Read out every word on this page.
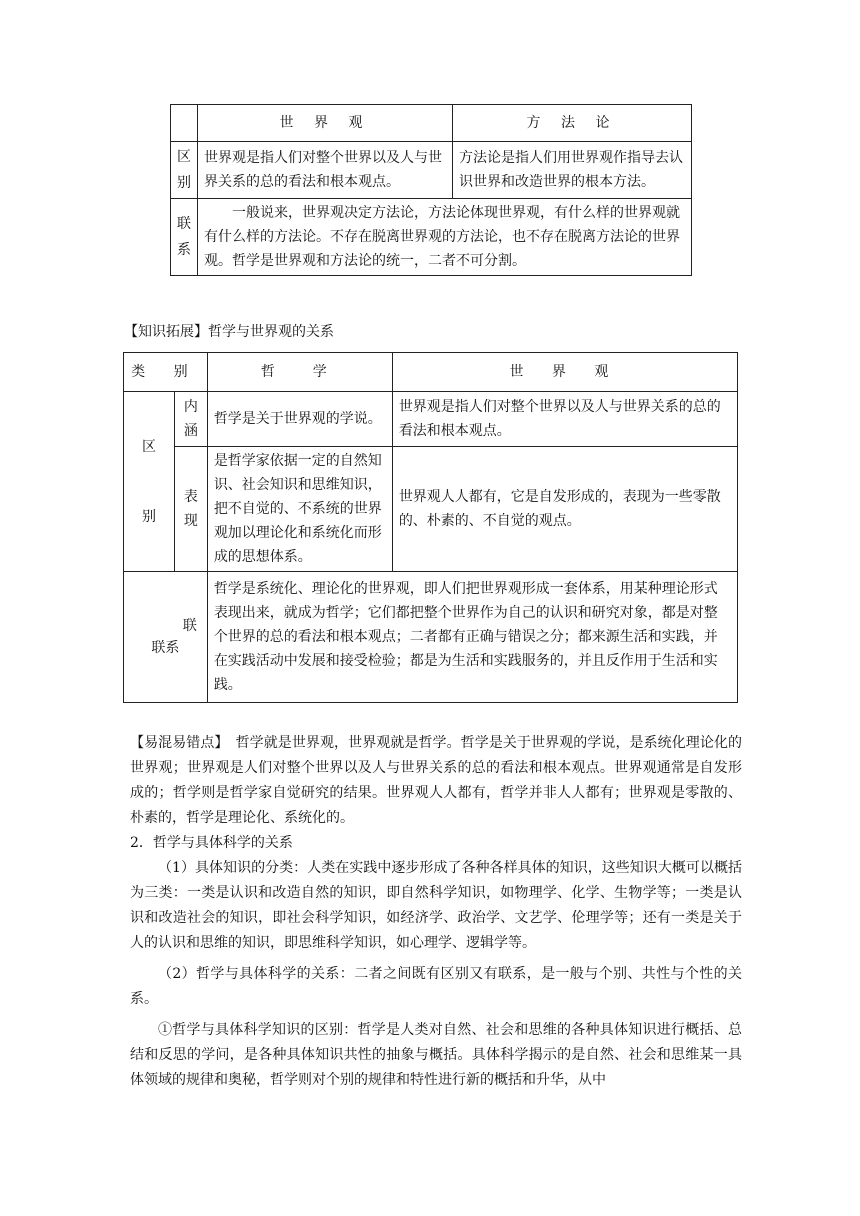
	世 界 观	方 法 论

区
别	世界观是指人们对整个世界以及人与世界关系的总的看法和根本观点。	方法论是指人们用世界观作指导去认识世界和改造世界的根本方法。

联
系	一般说来，世界观决定方法论，方法论体现世界观，有什么样的世界观就有什么样的方法论。不存在脱离世界观的方法论，也不存在脱离方法论的世界观。哲学是世界观和方法论的统一，二者不可分割。	
【知识拓展】哲学与世界观的关系
类 别		哲　学	世 界 观

区
别	内涵	哲学是关于世界观的学说。	世界观是指人们对整个世界以及人与世界关系的总的看法和根本观点。
	表现	是哲学家依据一定的自然知识、社会知识和思维知识，把不自觉的、不系统的世界观加以理论化和系统化而形成的思想体系。	世界观人人都有，它是自发形成的，表现为一些零散的、朴素的、不自觉的观点。

联
联系		哲学是系统化、理论化的世界观，即人们把世界观形成一套体系，用某种理论形式表现出来，就成为哲学；它们都把整个世界作为自己的认识和研究对象，都是对整个世界的总的看法和根本观点；二者都有正确与错误之分；都来源生活和实践，并在实践活动中发展和接受检验；都是为生活和实践服务的，并且反作用于生活和实践。	

【易混易错点】　哲学就是世界观，世界观就是哲学。哲学是关于世界观的学说，是系统化理论化的世界观；世界观是人们对整个世界以及人与世界关系的总的看法和根本观点。世界观通常是自发形成的；哲学则是哲学家自觉研究的结果。世界观人人都有，哲学并非人人都有；世界观是零散的、朴素的，哲学是理论化、系统化的。

2．哲学与具体科学的关系

（1）具体知识的分类：人类在实践中逐步形成了各种各样具体的知识，这些知识大概可以概括为三类：一类是认识和改造自然的知识，即自然科学知识，如物理学、化学、生物学等；一类是认识和改造社会的知识，即社会科学知识，如经济学、政治学、文艺学、伦理学等；还有一类是关于人的认识和思维的知识，即思维科学知识，如心理学、逻辑学等。

（2）哲学与具体科学的关系：二者之间既有区别又有联系，是一般与个别、共性与个性的关系。

①哲学与具体科学知识的区别：哲学是人类对自然、社会和思维的各种具体知识进行概括、总结和反思的学问，是各种具体知识共性的抽象与概括。具体科学揭示的是自然、社会和思维某一具体领域的规律和奥秘，哲学则对个别的规律和特性进行新的概括和升华，从中
